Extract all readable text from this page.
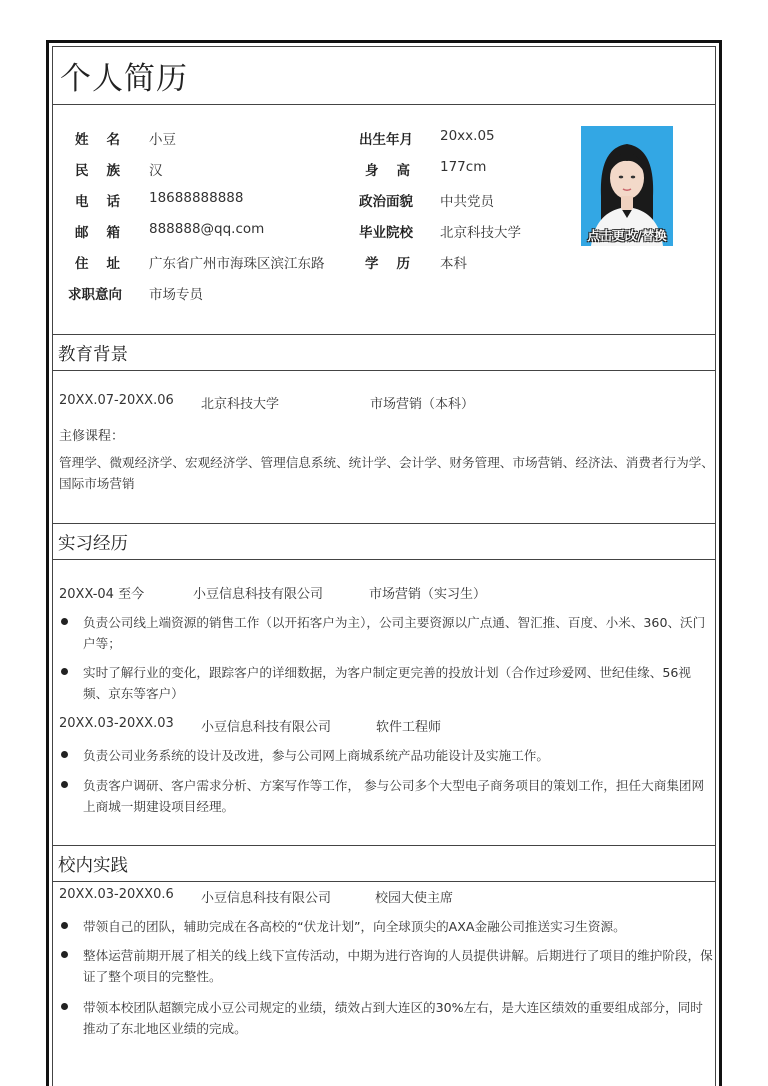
个人简历
姓名 小豆
民族 汉
电话 18688888888
邮箱 888888@qq.com
住址 广东省广州市海珠区滨江东路
求职意向 市场专员
出生年月 20xx.05
身高 177cm
政治面貌 中共党员
毕业院校 北京科技大学
学历 本科
点击更改/替换
教育背景
20XX.07-20XX.06 北京科技大学	市场营销（本科）
主修课程：
管理学、微观经济学、宏观经济学、管理信息系统、统计学、会计学、财务管理、市场营销、经济法、消费者行为学、国际市场营销
实习经历
20XX-04 至今	小豆信息科技有限公司	市场营销（实习生）
负责公司线上端资源的销售工作（以开拓客户为主），公司主要资源以广点通、智汇推、百度、小米、360、沃门户等；
实时了解行业的变化，跟踪客户的详细数据，为客户制定更完善的投放计划（合作过珍爱网、世纪佳缘、56视频、京东等客户）
20XX.03-20XX.03 小豆信息科技有限公司	软件工程师
负责公司业务系统的设计及改进，参与公司网上商城系统产品功能设计及实施工作。
负责客户调研、客户需求分析、方案写作等工作， 参与公司多个大型电子商务项目的策划工作，担任大商集团网上商城一期建设项目经理。
校内实践
20XX.03-20XX0.6 小豆信息科技有限公司	校园大使主席
带领自己的团队，辅助完成在各高校的“伏龙计划”，向全球顶尖的AXA金融公司推送实习生资源。
整体运营前期开展了相关的线上线下宣传活动，中期为进行咨询的人员提供讲解。后期进行了项目的维护阶段，保证了整个项目的完整性。
带领本校团队超额完成小豆公司规定的业绩，绩效占到大连区的30%左右，是大连区绩效的重要组成部分，同时推动了东北地区业绩的完成。
